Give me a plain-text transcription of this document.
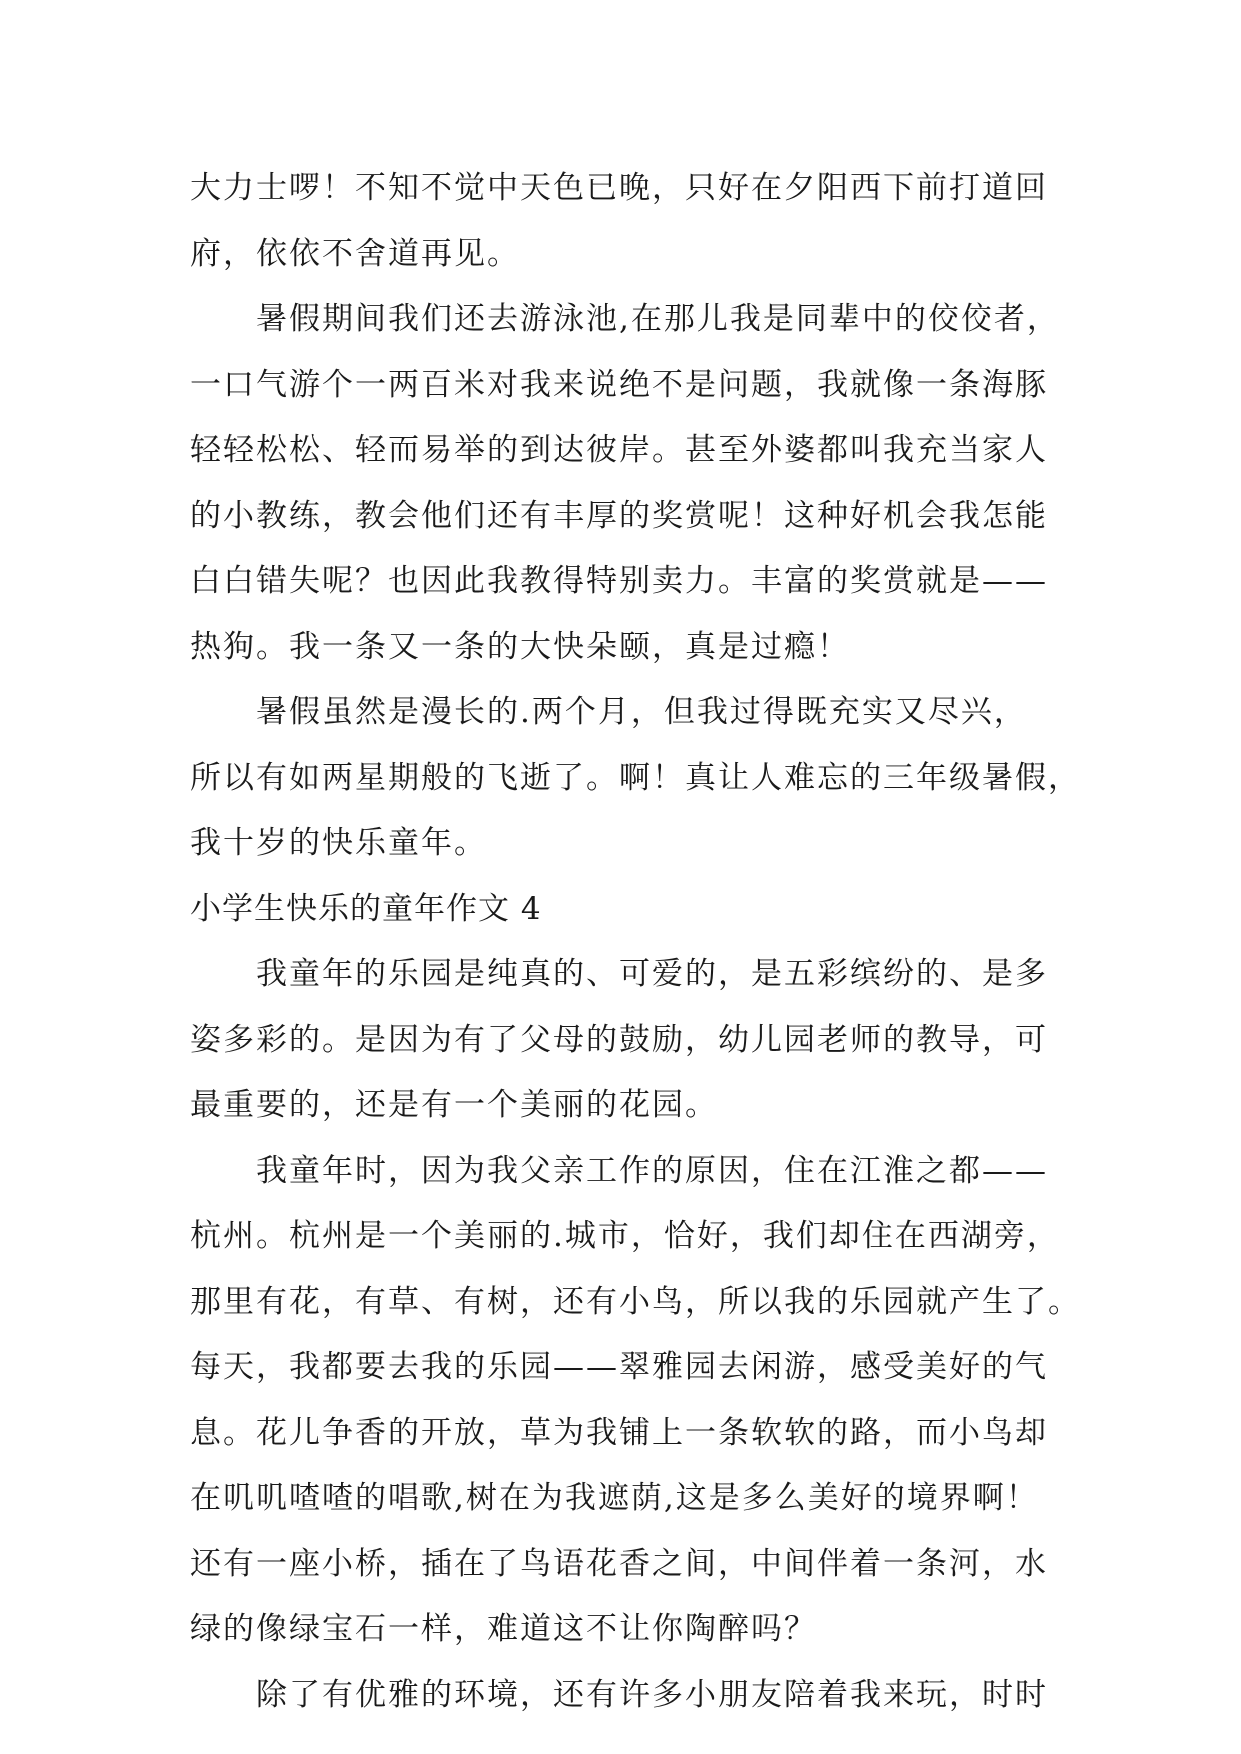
大力士啰！不知不觉中天色已晚，只好在夕阳西下前打道回
府，依依不舍道再见。
暑假期间我们还去游泳池,在那儿我是同辈中的佼佼者，
一口气游个一两百米对我来说绝不是问题，我就像一条海豚
轻轻松松、轻而易举的到达彼岸。甚至外婆都叫我充当家人
的小教练，教会他们还有丰厚的奖赏呢！这种好机会我怎能
白白错失呢？也因此我教得特别卖力。丰富的奖赏就是——
热狗。我一条又一条的大快朵颐，真是过瘾！
暑假虽然是漫长的.两个月，但我过得既充实又尽兴，
所以有如两星期般的飞逝了。啊！真让人难忘的三年级暑假，
我十岁的快乐童年。
小学生快乐的童年作文 4
我童年的乐园是纯真的、可爱的，是五彩缤纷的、是多
姿多彩的。是因为有了父母的鼓励，幼儿园老师的教导，可
最重要的，还是有一个美丽的花园。
我童年时，因为我父亲工作的原因，住在江淮之都——
杭州。杭州是一个美丽的.城市，恰好，我们却住在西湖旁，
那里有花，有草、有树，还有小鸟，所以我的乐园就产生了。
每天，我都要去我的乐园——翠雅园去闲游，感受美好的气
息。花儿争香的开放，草为我铺上一条软软的路，而小鸟却
在叽叽喳喳的唱歌,树在为我遮荫,这是多么美好的境界啊！
还有一座小桥，插在了鸟语花香之间，中间伴着一条河，水
绿的像绿宝石一样，难道这不让你陶醉吗？
除了有优雅的环境，还有许多小朋友陪着我来玩，时时
